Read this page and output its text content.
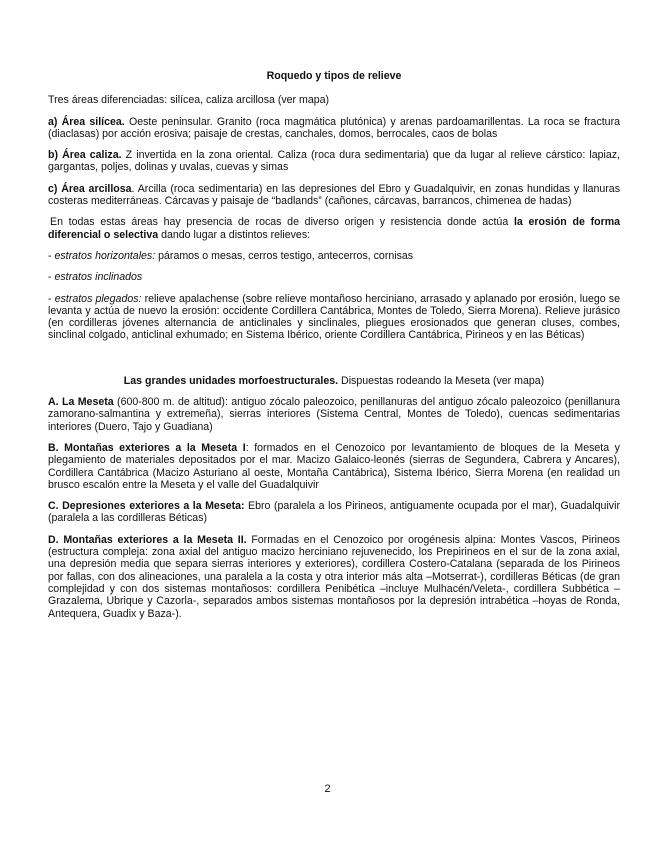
Roquedo y tipos de relieve

Tres áreas diferenciadas: silícea, caliza arcillosa (ver mapa)

a) Área silícea. Oeste peninsular. Granito (roca magmática plutónica) y arenas pardoamarillentas. La roca se fractura (diaclasas) por acción erosiva; paisaje de crestas, canchales, domos, berrocales, caos de bolas

b) Área caliza. Z invertida en la zona oriental. Caliza (roca dura sedimentaria) que da lugar al relieve cárstico: lapiaz, gargantas, poljes, dolinas y uvalas, cuevas y simas

c) Área arcillosa. Arcilla (roca sedimentaria) en las depresiones del Ebro y Guadalquivir, en zonas hundidas y llanuras costeras mediterráneas. Cárcavas y paisaje de “badlands” (cañones, cárcavas, barrancos, chimenea de hadas)

En todas estas áreas hay presencia de rocas de diverso origen y resistencia donde actúa la erosión de forma diferencial o selectiva dando lugar a distintos relieves:

- estratos horizontales: páramos o mesas, cerros testigo, antecerros, cornisas

- estratos inclinados

- estratos plegados: relieve apalachense (sobre relieve montañoso herciniano, arrasado y aplanado por erosión, luego se levanta y actúa de nuevo la erosión: occidente Cordillera Cantábrica, Montes de Toledo, Sierra Morena). Relieve jurásico (en cordilleras jóvenes alternancia de anticlinales y sinclinales, pliegues erosionados que generan cluses, combes, sinclinal colgado, anticlinal exhumado; en Sistema Ibérico, oriente Cordillera Cantábrica, Pirineos y en las Béticas)

Las grandes unidades morfoestructurales. Dispuestas rodeando la Meseta (ver mapa)

A. La Meseta (600-800 m. de altitud): antiguo zócalo paleozoico, penillanuras del antiguo zócalo paleozoico (penillanura zamorano-salmantina y extremeña), sierras interiores (Sistema Central, Montes de Toledo), cuencas sedimentarias interiores (Duero, Tajo y Guadiana)

B. Montañas exteriores a la Meseta I: formados en el Cenozoico por levantamiento de bloques de la Meseta y plegamiento de materiales depositados por el mar. Macizo Galaico-leonés (sierras de Segundera, Cabrera y Ancares), Cordillera Cantábrica (Macizo Asturiano al oeste, Montaña Cantábrica), Sistema Ibérico, Sierra Morena (en realidad un brusco escalón entre la Meseta y el valle del Guadalquivir

C. Depresiones exteriores a la Meseta: Ebro (paralela a los Pirineos, antiguamente ocupada por el mar), Guadalquivir (paralela a las cordilleras Béticas)

D. Montañas exteriores a la Meseta II. Formadas en el Cenozoico por orogénesis alpina: Montes Vascos, Pirineos (estructura compleja: zona axial del antiguo macizo herciniano rejuvenecido, los Prepirineos en el sur de la zona axial, una depresión media que separa sierras interiores y exteriores), cordillera Costero-Catalana (separada de los Pirineos por fallas, con dos alineaciones, una paralela a la costa y otra interior más alta –Motserrat-), cordilleras Béticas (de gran complejidad y con dos sistemas montañosos: cordillera Penibética –incluye Mulhacén/Veleta-, cordillera Subbética –Grazalema, Ubrique y Cazorla-, separados ambos sistemas montañosos por la depresión intrabética –hoyas de Ronda, Antequera, Guadix y Baza-).

2
